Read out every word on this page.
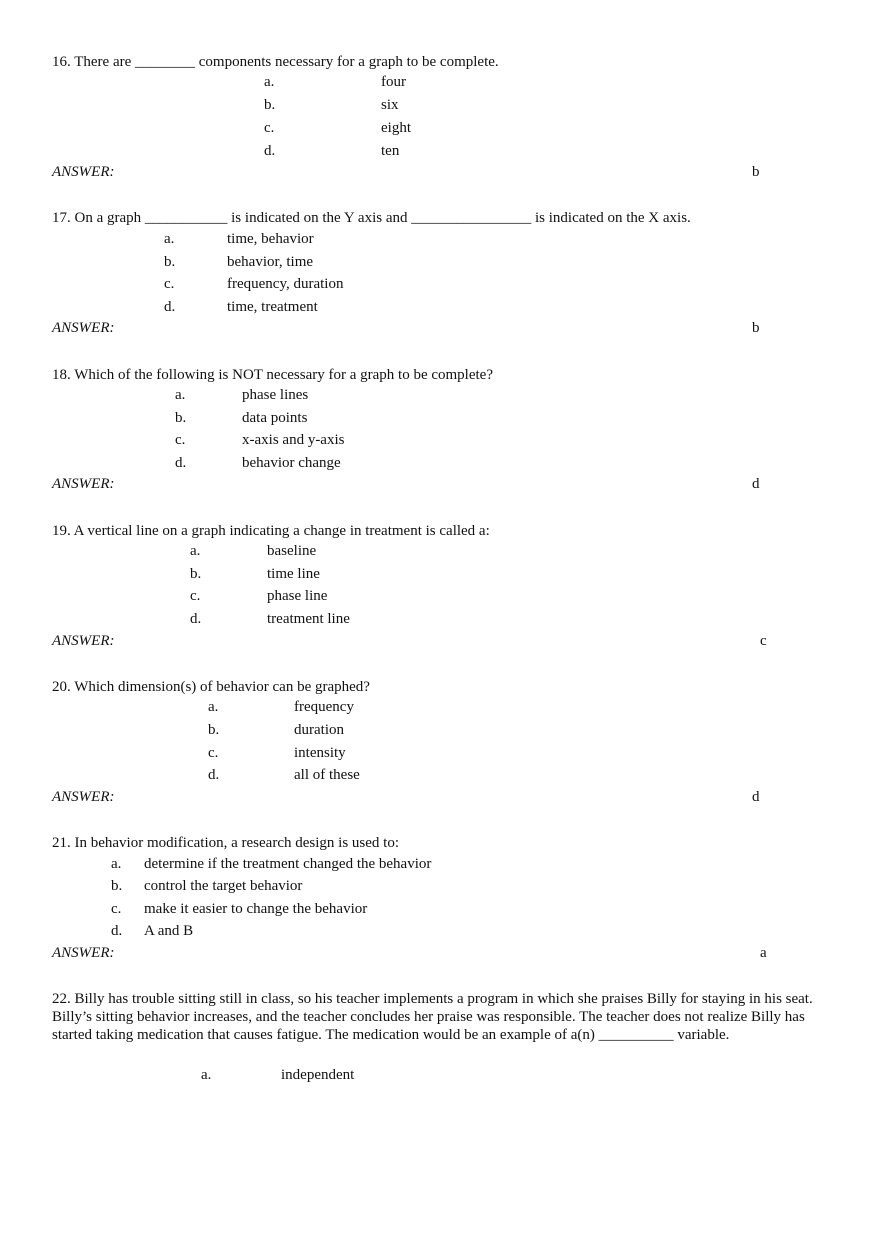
16. There are ________ components necessary for a graph to be complete.
a.	four
b.	six
c.	eight
d.	ten
ANSWER:	b
17. On a graph ___________ is indicated on the Y axis and ________________ is indicated on the X axis.
a.	time, behavior
b.	behavior, time
c.	frequency, duration
d.	time, treatment
ANSWER:	b
18. Which of the following is NOT necessary for a graph to be complete?
a.	phase lines
b.	data points
c.	x-axis and y-axis
d.	behavior change
ANSWER:	d
19. A vertical line on a graph indicating a change in treatment is called a:
a.	baseline
b.	time line
c.	phase line
d.	treatment line
ANSWER:	c
20. Which dimension(s) of behavior can be graphed?
a.	frequency
b.	duration
c.	intensity
d.	all of these
ANSWER:	d
21. In behavior modification, a research design is used to:
a. determine if the treatment changed the behavior
b. control the target behavior
c. make it easier to change the behavior
d. A and B
ANSWER:	a
22. Billy has trouble sitting still in class, so his teacher implements a program in which she praises Billy for staying in his seat. Billy’s sitting behavior increases, and the teacher concludes her praise was responsible. The teacher does not realize Billy has started taking medication that causes fatigue. The medication would be an example of a(n) __________ variable.
a.	independent
